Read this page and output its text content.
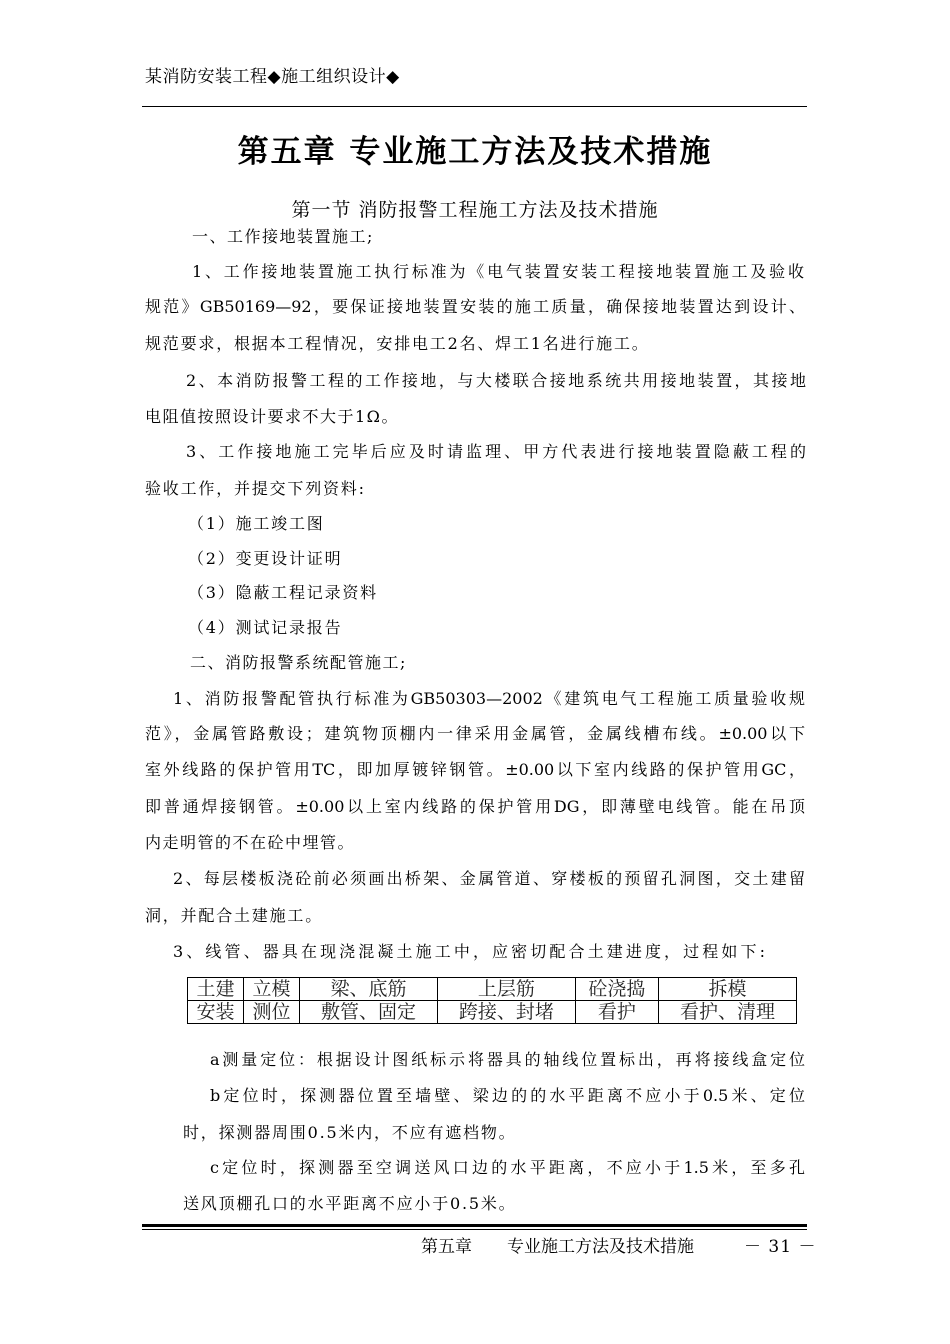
某消防安装工程◆施工组织设计◆
第五章 专业施工方法及技术措施
第一节 消防报警工程施工方法及技术措施
一、工作接地装置施工;
1、工作接地装置施工执行标准为《电气装置安装工程接地装置施工及验收
规范》GB50169—92，要保证接地装置安装的施工质量，确保接地装置达到设计、
规范要求，根据本工程情况，安排电工2名、焊工1名进行施工。
2、本消防报警工程的工作接地，与大楼联合接地系统共用接地装置，其接地
电阻值按照设计要求不大于1Ω。
3、工作接地施工完毕后应及时请监理、甲方代表进行接地装置隐蔽工程的
验收工作，并提交下列资料:
（1）施工竣工图
（2）变更设计证明
（3）隐蔽工程记录资料
（4）测试记录报告
二、消防报警系统配管施工;
1、消防报警配管执行标准为GB50303—2002《建筑电气工程施工质量验收规
范》，金属管路敷设；建筑物顶棚内一律采用金属管，金属线槽布线。±0.00以下
室外线路的保护管用TC，即加厚镀锌钢管。±0.00以下室内线路的保护管用GC，
即普通焊接钢管。±0.00以上室内线路的保护管用DG，即薄壁电线管。能在吊顶
内走明管的不在砼中埋管。
2、每层楼板浇砼前必须画出桥架、金属管道、穿楼板的预留孔洞图，交土建留
洞，并配合土建施工。
3、线管、器具在现浇混凝土施工中，应密切配合土建进度，过程如下:
土建	立模	梁、底筋	上层筋	砼浇捣	拆模
安装	测位	敷管、固定	跨接、封堵	看护	看护、清理
a测量定位：根据设计图纸标示将器具的轴线位置标出，再将接线盒定位
b定位时，探测器位置至墙壁、梁边的的水平距离不应小于0.5米、定位
时，探测器周围0.5米内，不应有遮档物。
c定位时，探测器至空调送风口边的水平距离，不应小于1.5米，至多孔
送风顶棚孔口的水平距离不应小于0.5米。
第五章 专业施工方法及技术措施	－ 31 －
